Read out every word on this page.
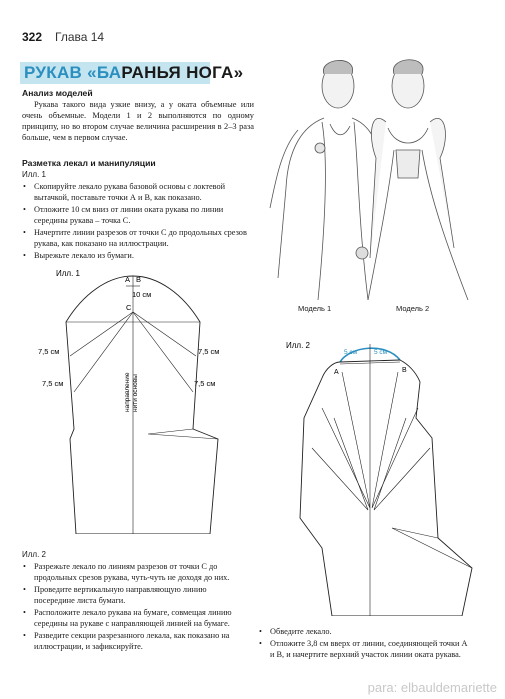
322 Глава 14
РУКАВ «БАРАНЬЯ НОГА»
Анализ моделей
Рукава такого вида узкие внизу, а у оката объемные или очень объемные. Модели 1 и 2 выполняются по одному принципу, но во втором случае величина расширения в 2–3 раза больше, чем в первом случае.
Разметка лекал и манипуляции
Илл. 1
• Скопируйте лекало рукава базовой основы с локтевой вытачкой, поставьте точки А и В, как показано.
• Отложите 10 см вниз от линии оката рукава по линии середины рукава – точка С.
• Начертите линии разрезов от точки С до продольных срезов рукава, как показано на иллюстрации.
• Вырежьте лекало из бумаги.
Илл. 1
А В
10 см
С
7,5 см
7,5 см
7,5 см
7,5 см
направление нити основы
Модель 1	Модель 2
Илл. 2
5 см	5 см
А	В
Илл. 2
• Разрежьте лекало по линиям разрезов от точки С до продольных срезов рукава, чуть-чуть не доходя до них.
• Проведите вертикальную направляющую линию посередине листа бумаги.
• Расположите лекало рукава на бумаге, совмещая линию середины на рукаве с направляющей линией на бумаге.
• Разведите секции разрезанного лекала, как показано на иллюстрации, и зафиксируйте.
• Обведите лекало.
• Отложите 3,8 см вверх от линии, соединяющей точки А и В, и начертите верхний участок линии оката рукава.
para: elbauldemariette
